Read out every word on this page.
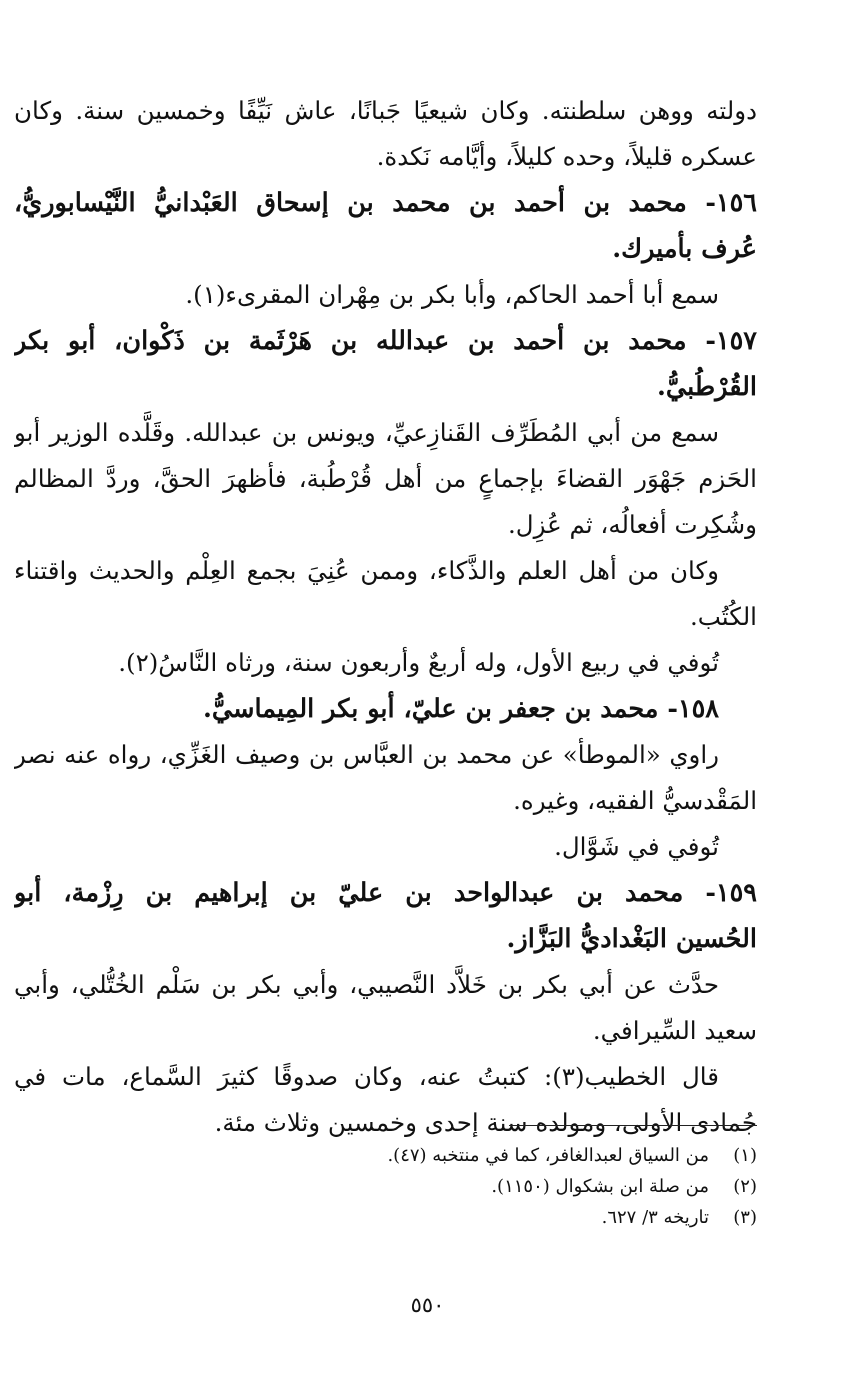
دولته ووهن سلطنته. وكان شيعيًا جَبانًا، عاش نَيِّفًا وخمسين سنة. وكان
عسكره قليلاً، وحده كليلاً، وأيَّامه نَكدة.
١٥٦- محمد بن أحمد بن محمد بن إسحاق العَبْدانيُّ النَّيْسابوريُّ،
عُرف بأميرك.
سمع أبا أحمد الحاكم، وأبا بكر بن مِهْران المقرىء(١).
١٥٧- محمد بن أحمد بن عبدالله بن هَرْثَمة بن ذَكْوان، أبو بكر
القُرْطُبيُّ.
سمع من أبي المُطَرِّف القَنازِعيِّ، ويونس بن عبدالله. وقَلَّده الوزير أبو
الحَزم جَهْوَر القضاءَ بإجماعٍ من أهل قُرْطُبة، فأظهرَ الحقَّ، وردَّ المظالم
وشُكِرت أفعالُه، ثم عُزِل.
وكان من أهل العلم والذَّكاء، وممن عُنِيَ بجمع العِلْم والحديث واقتناء
الكُتُب.
تُوفي في ربيع الأول، وله أربعٌ وأربعون سنة، ورثاه النَّاسُ(٢).
١٥٨- محمد بن جعفر بن عليّ، أبو بكر المِيماسيُّ.
راوي «الموطأ» عن محمد بن العبَّاس بن وصيف الغَزِّي، رواه عنه نصر
المَقْدسيُّ الفقيه، وغيره.
تُوفي في شَوَّال.
١٥٩- محمد بن عبدالواحد بن عليّ بن إبراهيم بن رِزْمة، أبو
الحُسين البَغْداديُّ البَزَّاز.
حدَّث عن أبي بكر بن خَلاَّد النَّصيبي، وأبي بكر بن سَلْم الخُتُّلي، وأبي
سعيد السِّيرافي.
قال الخطيب(٣): كتبتُ عنه، وكان صدوقًا كثيرَ السَّماع، مات في
جُمادى الأولى، ومولده سنة إحدى وخمسين وثلاث مئة.
(١)من السياق لعبدالغافر، كما في منتخبه (٤٧).
(٢)من صلة ابن بشكوال (١١٥٠).
(٣)تاريخه ٣/ ٦٢٧.
٥٥٠
